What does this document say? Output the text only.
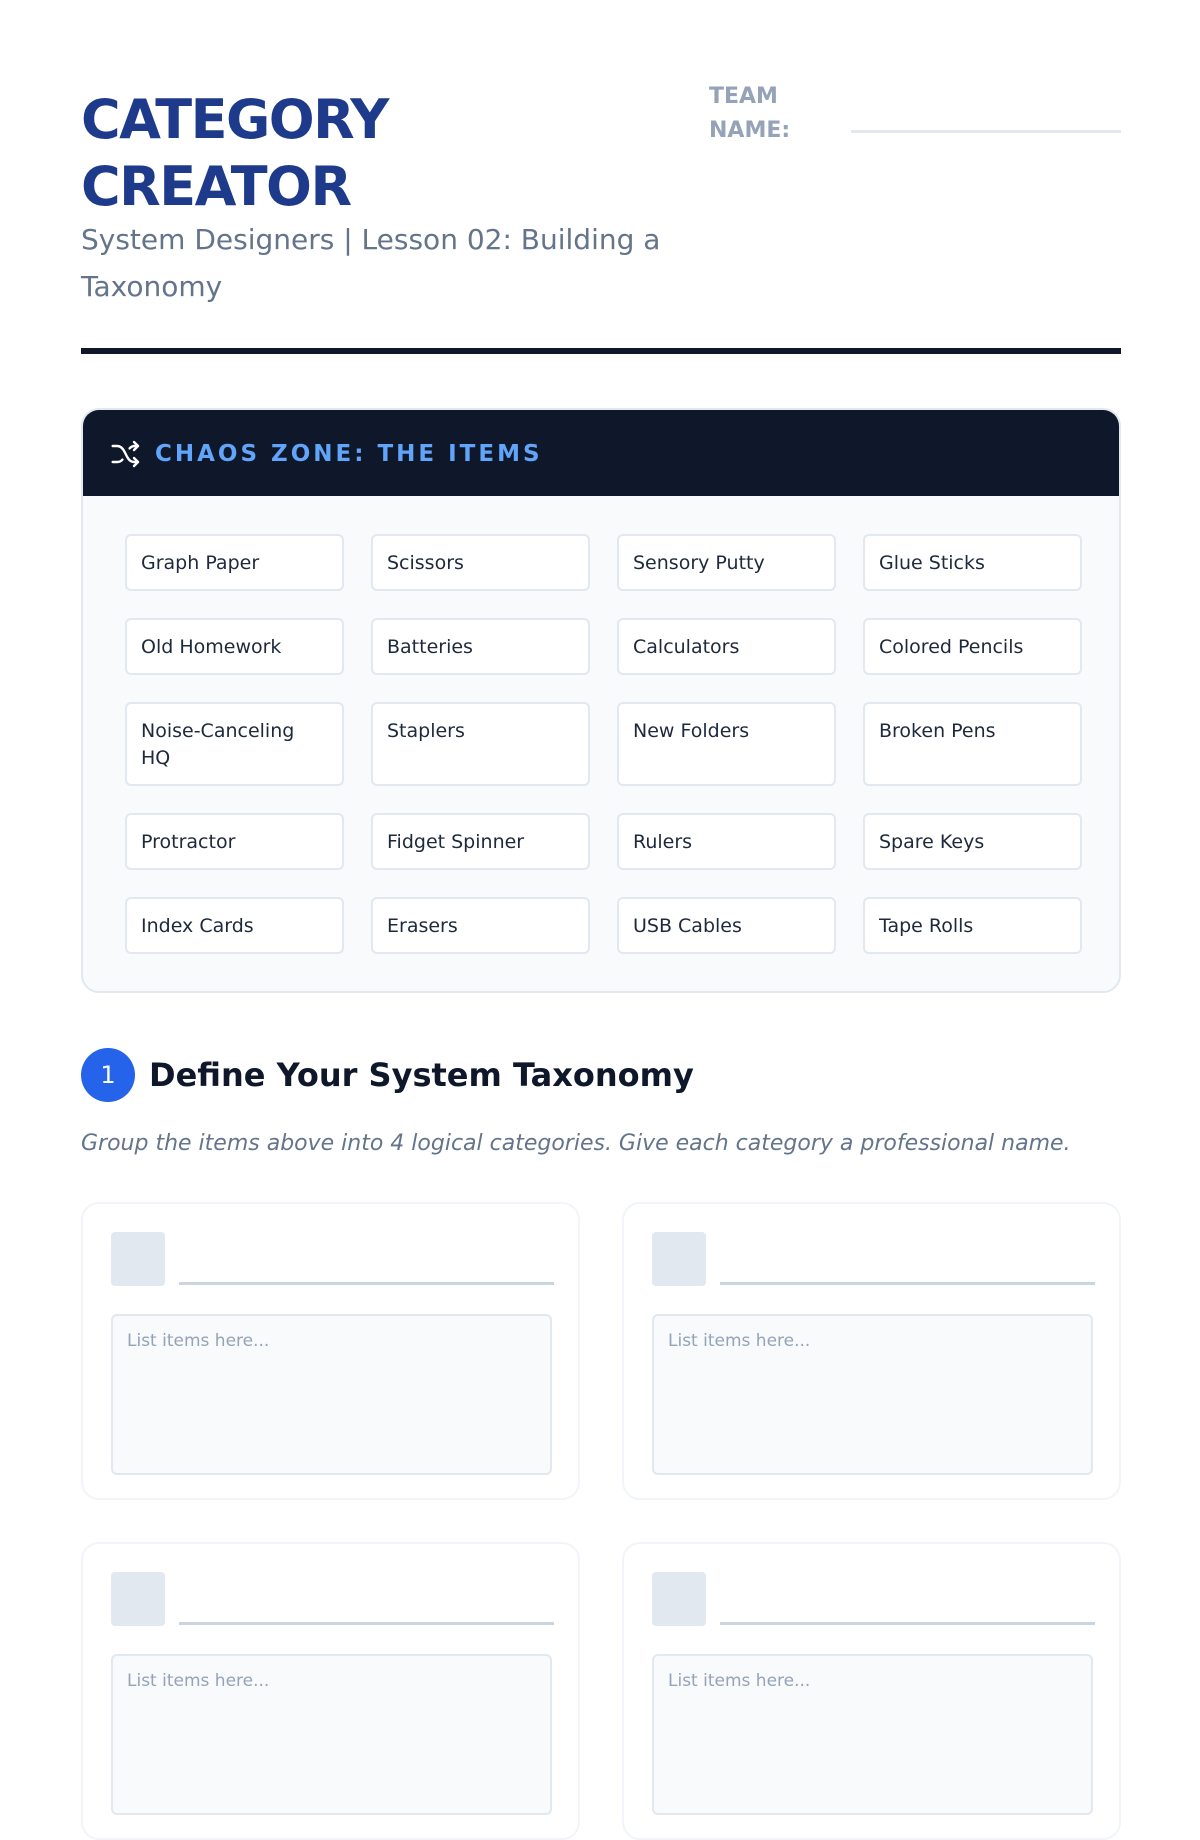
CATEGORY
CREATOR
System Designers | Lesson 02: Building a Taxonomy
TEAM NAME:
CHAOS ZONE: THE ITEMS
Graph Paper	Scissors	Sensory Putty	Glue Sticks
Old Homework	Batteries	Calculators	Colored Pencils
Noise-Canceling HQ
Staplers	New Folders	Broken Pens
Protractor	Fidget Spinner	Rulers	Spare Keys
Index Cards	Erasers	USB Cables	Tape Rolls
1	Define Your System Taxonomy
Group the items above into 4 logical categories. Give each category a professional name.
List items here...	List items here...
List items here...	List items here...
